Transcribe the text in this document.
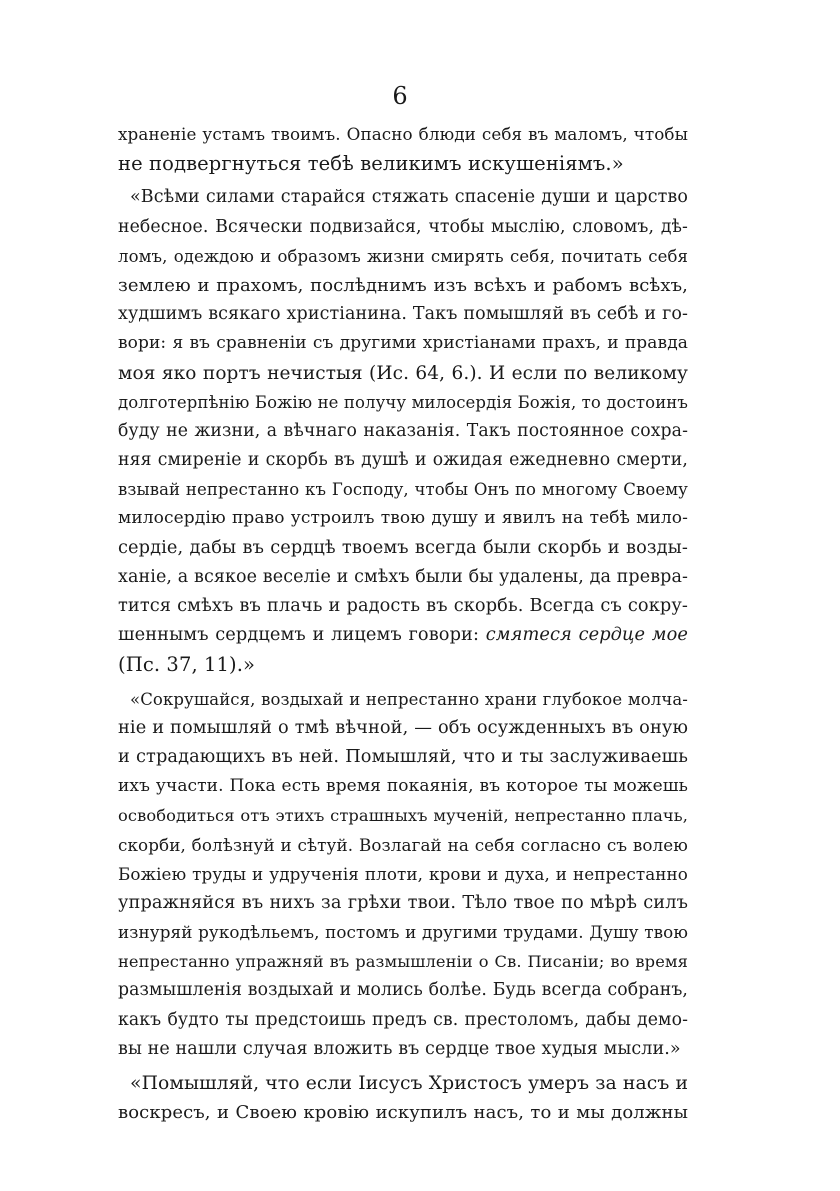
6
храненіе устамъ твоимъ. Опасно блюди себя въ маломъ, чтобы
не подвергнуться тебѣ великимъ искушеніямъ.»
«Всѣми силами старайся стяжать спасеніе души и царство
небесное. Всячески подвизайся, чтобы мыслію, словомъ, дѣ-
ломъ, одеждою и образомъ жизни смирять себя, почитать себя
землею и прахомъ, послѣднимъ изъ всѣхъ и рабомъ всѣхъ,
худшимъ всякаго христіанина. Такъ помышляй въ себѣ и го-
вори: я въ сравненіи съ другими христіанами прахъ, и правда
моя яко портъ нечистыя (Ис. 64, 6.). И если по великому
долготерпѣнію Божію не получу милосердія Божія, то достоинъ
буду не жизни, а вѣчнаго наказанія. Такъ постоянное сохра-
няя смиреніе и скорбь въ душѣ и ожидая ежедневно смерти,
взывай непрестанно къ Господу, чтобы Онъ по многому Своему
милосердію право устроилъ твою душу и явилъ на тебѣ мило-
сердіе, дабы въ сердцѣ твоемъ всегда были скорбь и возды-
ханіе, а всякое веселіе и смѣхъ были бы удалены, да превра-
тится смѣхъ въ плачь и радость въ скорбь. Всегда съ сокру-
шеннымъ сердцемъ и лицемъ говори: смятеся сердце мое
(Пс. 37, 11).»
«Сокрушайся, воздыхай и непрестанно храни глубокое молча-
ніе и помышляй о тмѣ вѣчной, — объ осужденныхъ въ оную
и страдающихъ въ ней. Помышляй, что и ты заслуживаешь
ихъ участи. Пока есть время покаянія, въ которое ты можешь
освободиться отъ этихъ страшныхъ мученій, непрестанно плачь,
скорби, болѣзнуй и сѣтуй. Возлагай на себя согласно съ волею
Божіею труды и удрученія плоти, крови и духа, и непрестанно
упражняйся въ нихъ за грѣхи твои. Тѣло твое по мѣрѣ силъ
изнуряй рукодѣльемъ, постомъ и другими трудами. Душу твою
непрестанно упражняй въ размышленіи о Св. Писаніи; во время
размышленія воздыхай и молись болѣе. Будь всегда собранъ,
какъ будто ты предстоишь предъ св. престоломъ, дабы демо-
вы не нашли случая вложить въ сердце твое худыя мысли.»
«Помышляй, что если Іисусъ Христосъ умеръ за насъ и
воскресъ, и Своею кровію искупилъ насъ, то и мы должны
